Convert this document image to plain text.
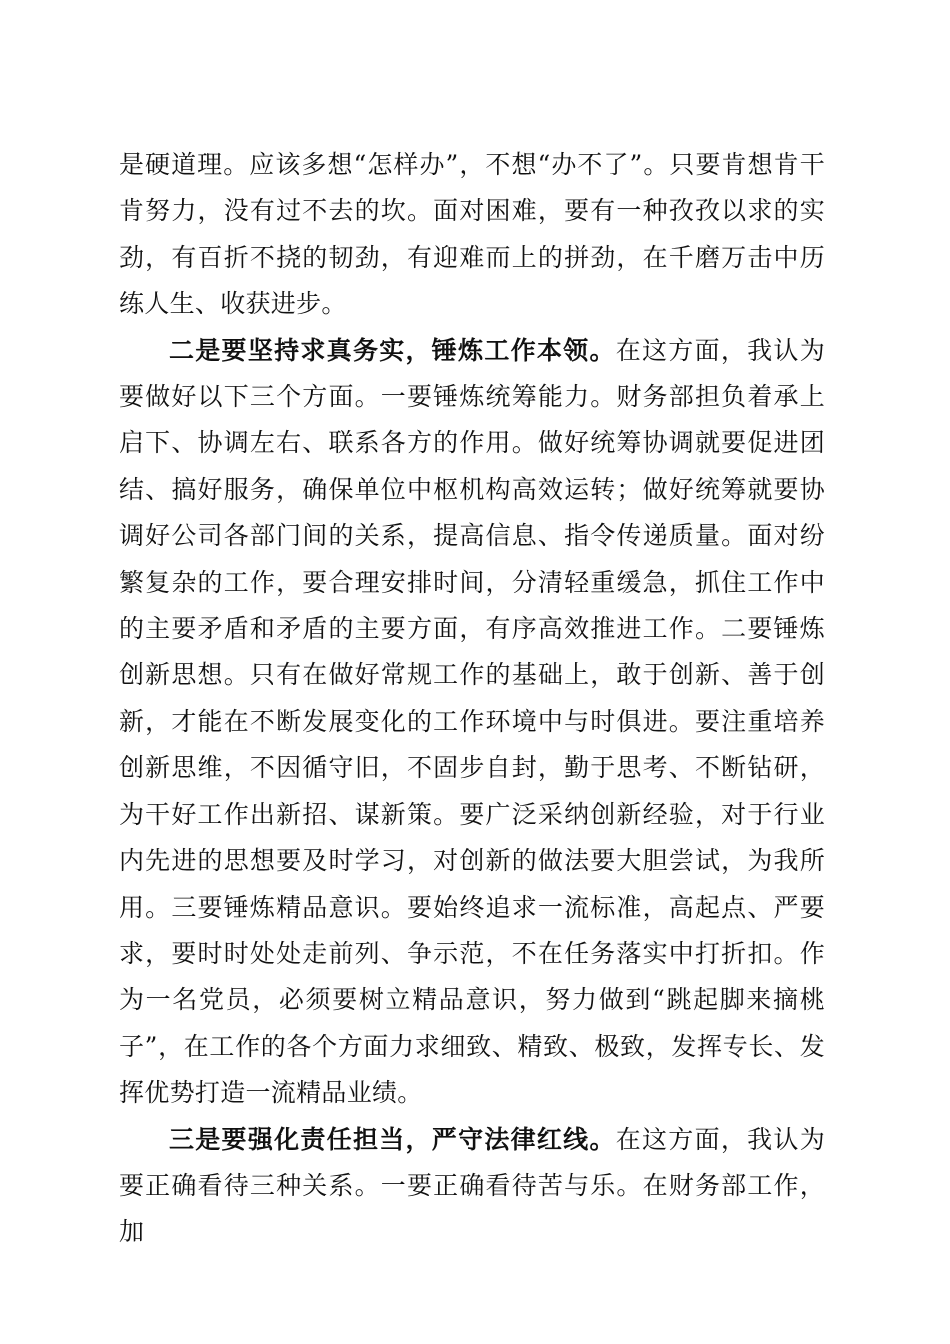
是硬道理。应该多想“怎样办”，不想“办不了”。只要肯想肯干肯努力，没有过不去的坎。面对困难，要有一种孜孜以求的实劲，有百折不挠的韧劲，有迎难而上的拼劲，在千磨万击中历练人生、收获进步。

二是要坚持求真务实，锤炼工作本领。在这方面，我认为要做好以下三个方面。一要锤炼统筹能力。财务部担负着承上启下、协调左右、联系各方的作用。做好统筹协调就要促进团结、搞好服务，确保单位中枢机构高效运转；做好统筹就要协调好公司各部门间的关系，提高信息、指令传递质量。面对纷繁复杂的工作，要合理安排时间，分清轻重缓急，抓住工作中的主要矛盾和矛盾的主要方面，有序高效推进工作。二要锤炼创新思想。只有在做好常规工作的基础上，敢于创新、善于创新，才能在不断发展变化的工作环境中与时俱进。要注重培养创新思维，不因循守旧，不固步自封，勤于思考、不断钻研，为干好工作出新招、谋新策。要广泛采纳创新经验，对于行业内先进的思想要及时学习，对创新的做法要大胆尝试，为我所用。三要锤炼精品意识。要始终追求一流标准，高起点、严要求，要时时处处走前列、争示范，不在任务落实中打折扣。作为一名党员，必须要树立精品意识，努力做到“跳起脚来摘桃子”，在工作的各个方面力求细致、精致、极致，发挥专长、发挥优势打造一流精品业绩。

三是要强化责任担当，严守法律红线。在这方面，我认为要正确看待三种关系。一要正确看待苦与乐。在财务部工作，加
